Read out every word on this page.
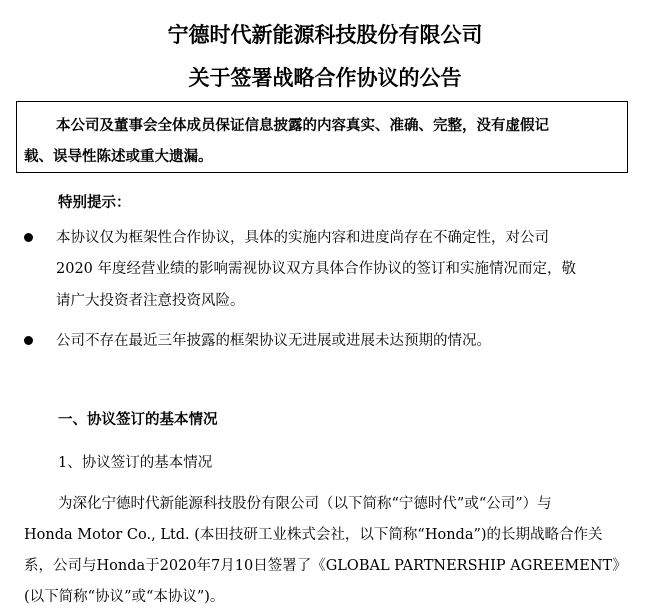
宁德时代新能源科技股份有限公司
关于签署战略合作协议的公告
本公司及董事会全体成员保证信息披露的内容真实、准确、完整，没有虚假记
载、误导性陈述或重大遗漏。
特别提示：
本协议仅为框架性合作协议，具体的实施内容和进度尚存在不确定性，对公司
2020 年度经营业绩的影响需视协议双方具体合作协议的签订和实施情况而定，敬
请广大投资者注意投资风险。
公司不存在最近三年披露的框架协议无进展或进展未达预期的情况。
一、协议签订的基本情况
1、协议签订的基本情况
为深化宁德时代新能源科技股份有限公司（以下简称“宁德时代”或“公司”）与
Honda Motor Co., Ltd. (本田技研工业株式会社，以下简称“Honda”)的长期战略合作关
系，公司与Honda于2020年7月10日签署了《GLOBAL PARTNERSHIP AGREEMENT》
(以下简称“协议”或“本协议”)。
